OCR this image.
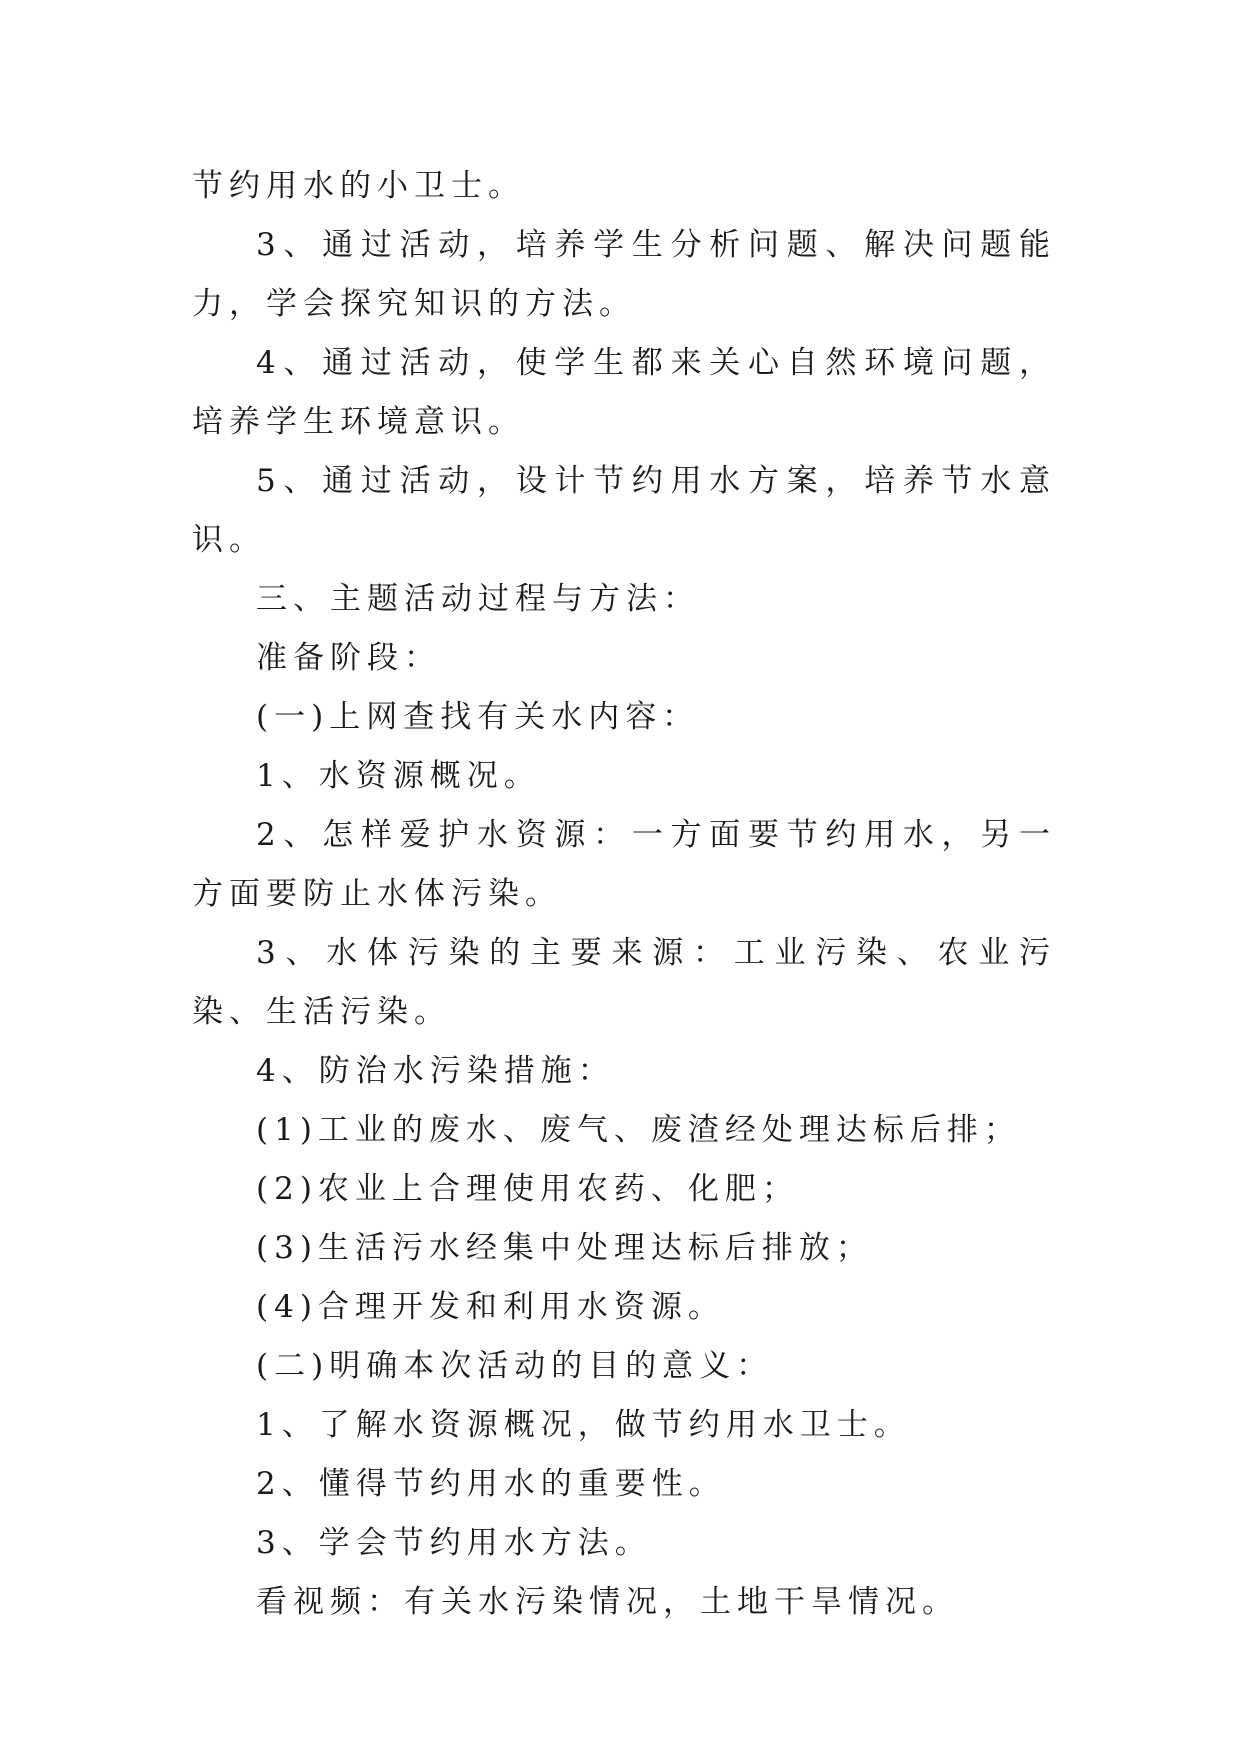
节约用水的小卫士。

3、通过活动，培养学生分析问题、解决问题能力，学会探究知识的方法。

4、通过活动，使学生都来关心自然环境问题，培养学生环境意识。

5、通过活动，设计节约用水方案，培养节水意识。

三、主题活动过程与方法：

准备阶段：

(一)上网查找有关水内容：

1、水资源概况。

2、怎样爱护水资源：一方面要节约用水，另一方面要防止水体污染。

3、水体污染的主要来源：工业污染、农业污染、生活污染。

4、防治水污染措施：

(1)工业的废水、废气、废渣经处理达标后排；

(2)农业上合理使用农药、化肥；

(3)生活污水经集中处理达标后排放；

(4)合理开发和利用水资源。

(二)明确本次活动的目的意义：

1、了解水资源概况，做节约用水卫士。

2、懂得节约用水的重要性。

3、学会节约用水方法。

看视频：有关水污染情况，土地干旱情况。
